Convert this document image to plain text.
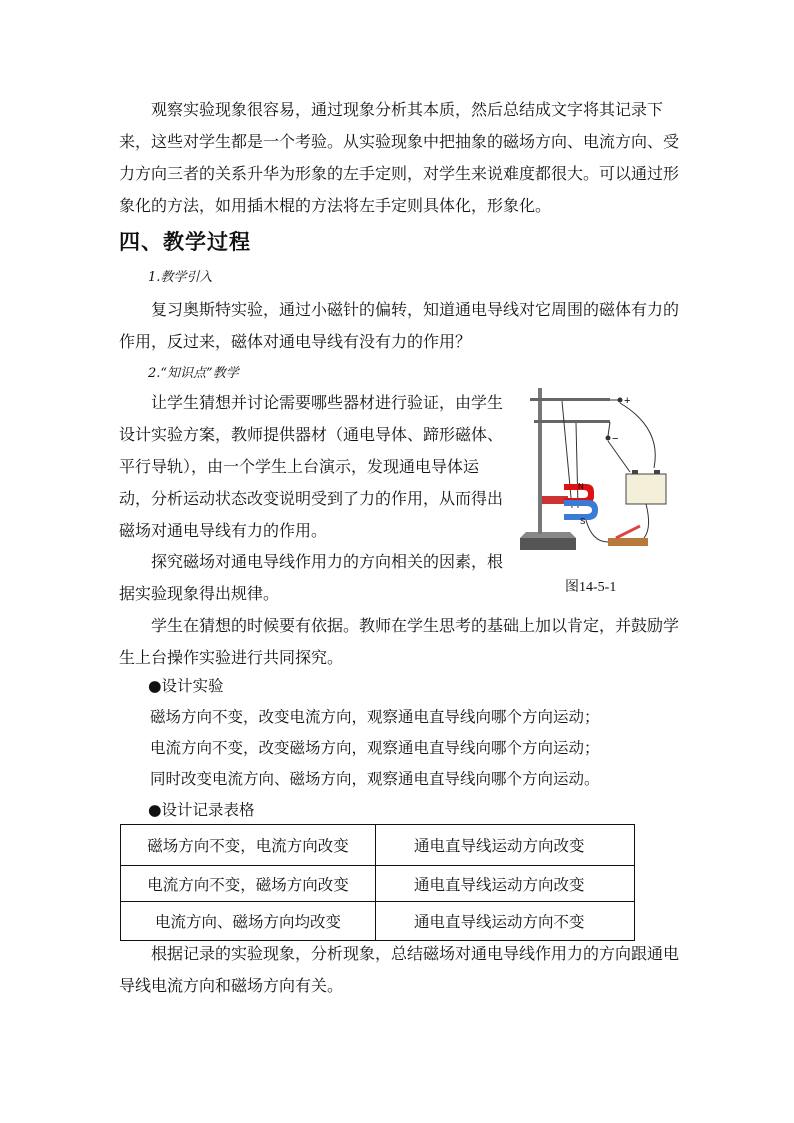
观察实验现象很容易，通过现象分析其本质，然后总结成文字将其记录下来，这些对学生都是一个考验。从实验现象中把抽象的磁场方向、电流方向、受力方向三者的关系升华为形象的左手定则，对学生来说难度都很大。可以通过形象化的方法，如用插木棍的方法将左手定则具体化，形象化。

四、教学过程

1.教学引入

复习奥斯特实验，通过小磁针的偏转，知道通电导线对它周围的磁体有力的作用，反过来，磁体对通电导线有没有力的作用？

2.“知识点”教学

让学生猜想并讨论需要哪些器材进行验证，由学生设计实验方案，教师提供器材（通电导体、蹄形磁体、平行导轨），由一个学生上台演示，发现通电导体运动，分析运动状态改变说明受到了力的作用，从而得出磁场对通电导线有力的作用。

探究磁场对通电导线作用力的方向相关的因素，根据实验现象得出规律。

N
S
+
−
图14-5-1

学生在猜想的时候要有依据。教师在学生思考的基础上加以肯定，并鼓励学生上台操作实验进行共同探究。

●设计实验
磁场方向不变，改变电流方向，观察通电直导线向哪个方向运动；
电流方向不变，改变磁场方向，观察通电直导线向哪个方向运动；
同时改变电流方向、磁场方向，观察通电直导线向哪个方向运动。
●设计记录表格
磁场方向不变，电流方向改变	通电直导线运动方向改变
电流方向不变，磁场方向改变	通电直导线运动方向改变
电流方向、磁场方向均改变	通电直导线运动方向不变

根据记录的实验现象，分析现象，总结磁场对通电导线作用力的方向跟通电导线电流方向和磁场方向有关。
